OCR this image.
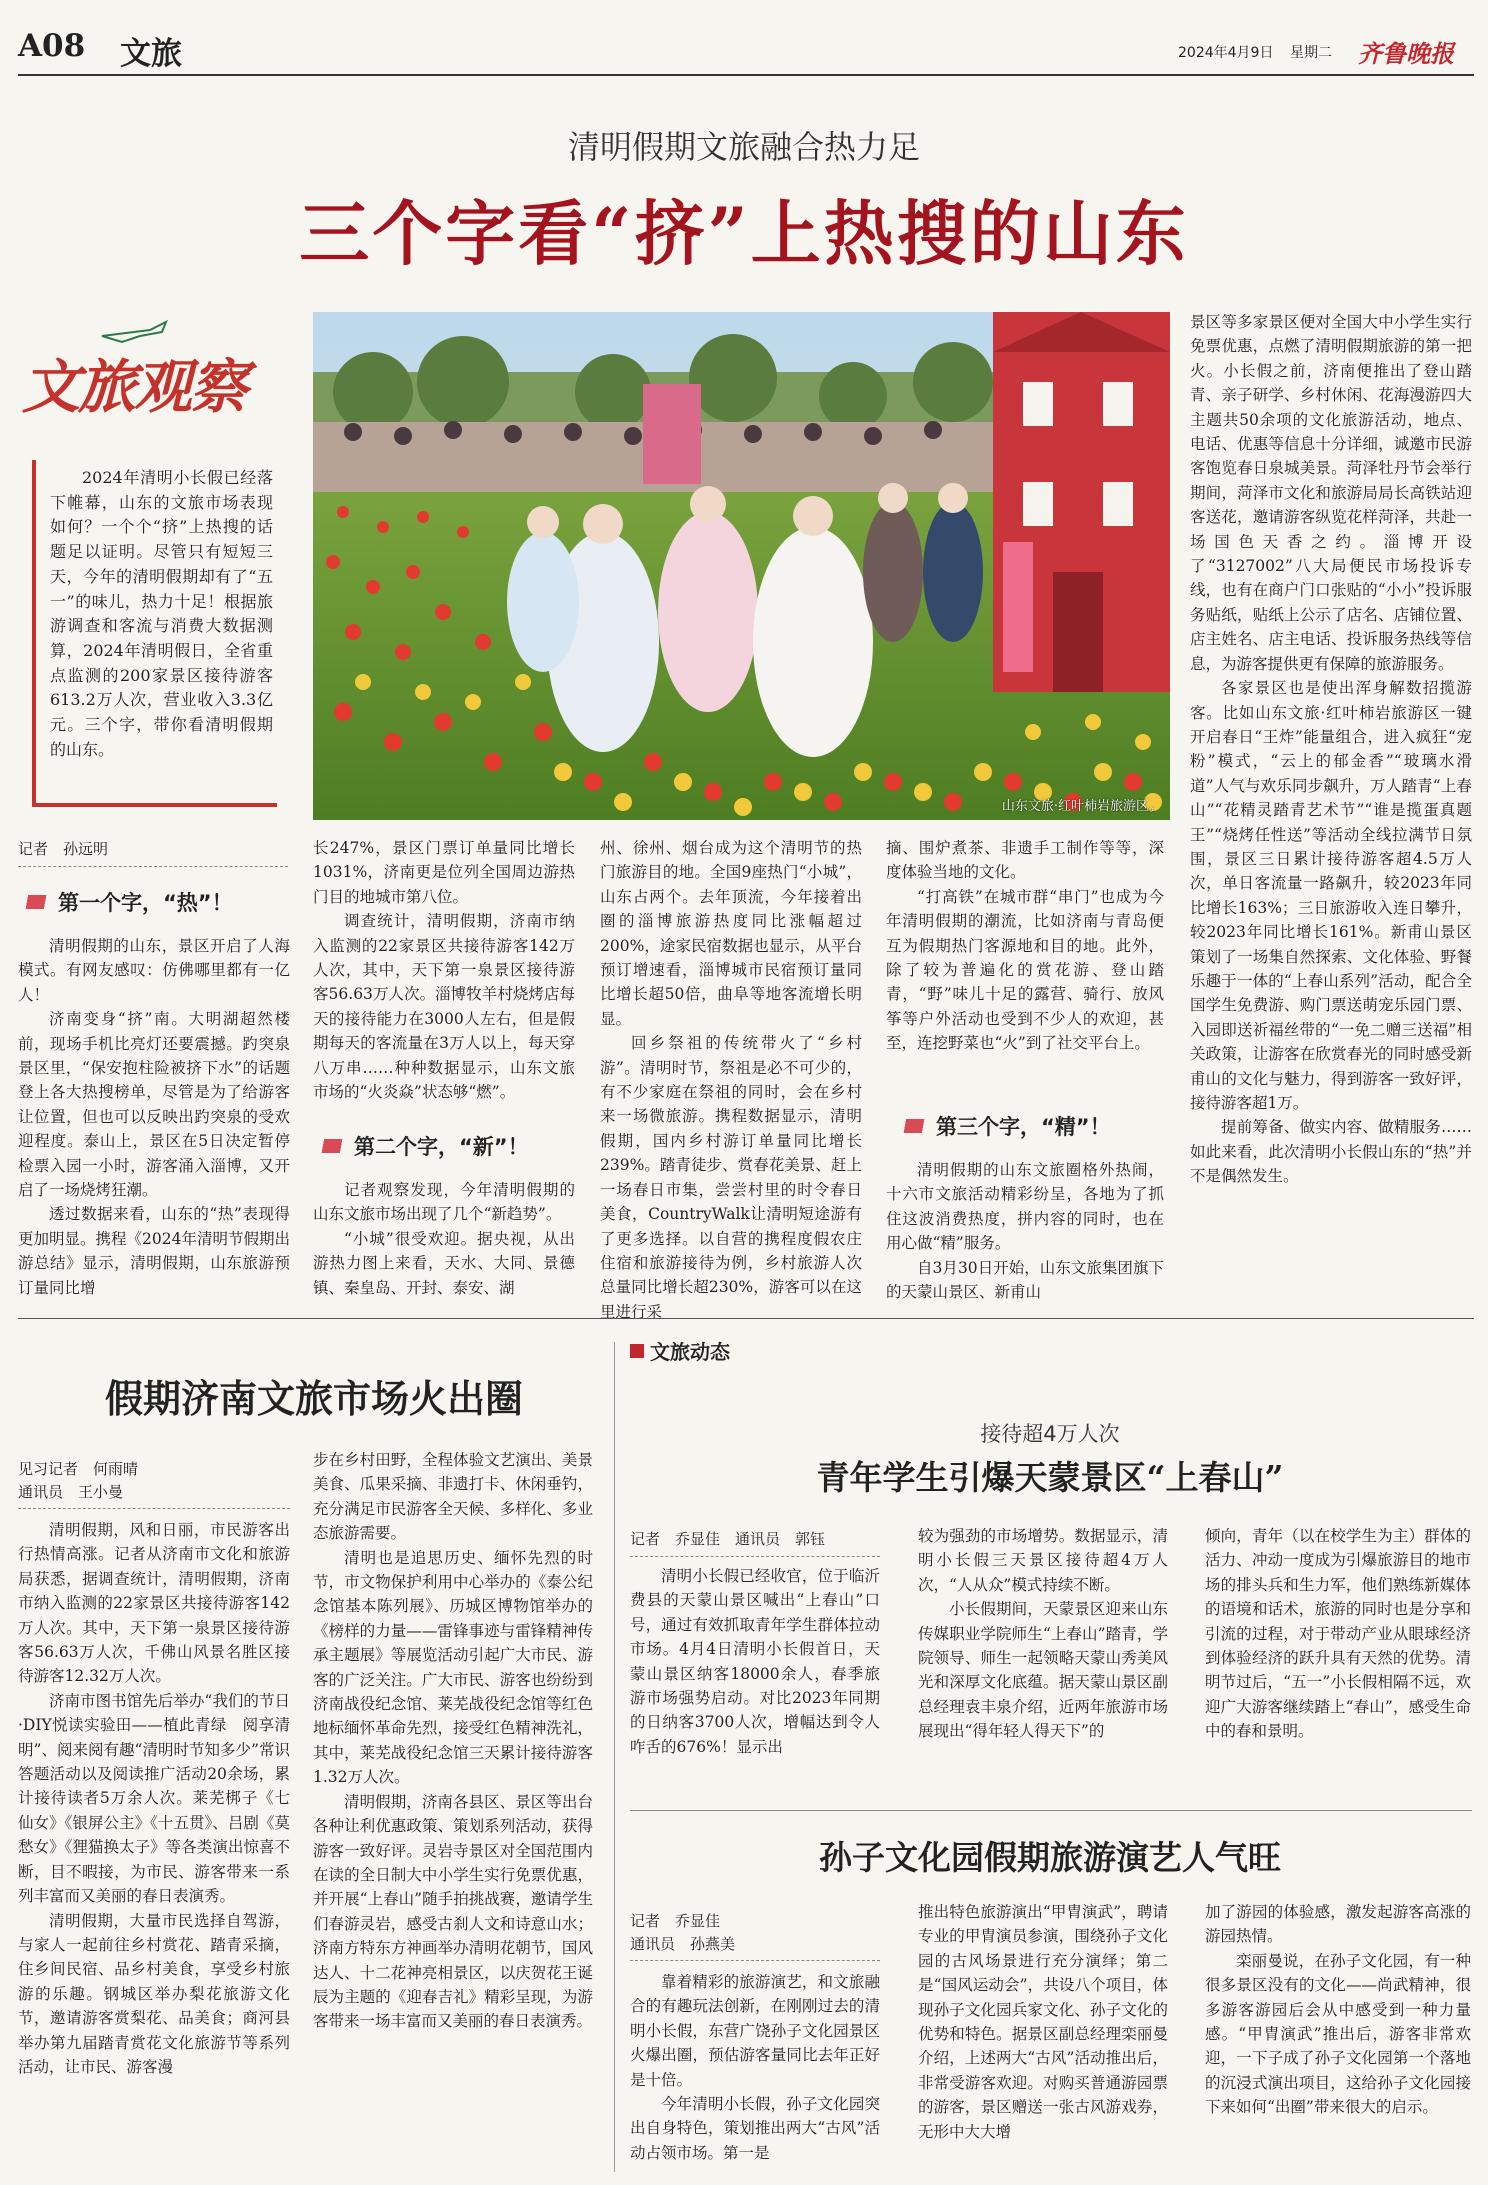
A08 文旅	2024年4月9日 星期二 齐鲁晚报
清明假期文旅融合热力足
三个字看“挤”上热搜的山东
文旅观察

2024年清明小长假已经落下帷幕，山东的文旅市场表现如何？一个个“挤”上热搜的话题足以证明。尽管只有短短三天，今年的清明假期却有了“五一”的味儿，热力十足！根据旅游调查和客流与消费大数据测算，2024年清明假日，全省重点监测的200家景区接待游客613.2万人次，营业收入3.3亿元。三个字，带你看清明假期的山东。

山东文旅·红叶柿岩旅游区。
记者　孙远明
第一个字，“热”！

清明假期的山东，景区开启了人海模式。有网友感叹：仿佛哪里都有一亿人！

济南变身“挤”南。大明湖超然楼前，现场手机比亮灯还要震撼。趵突泉景区里，“保安抱柱险被挤下水”的话题登上各大热搜榜单，尽管是为了给游客让位置，但也可以反映出趵突泉的受欢迎程度。泰山上，景区在5日决定暂停检票入园一小时，游客涌入淄博，又开启了一场烧烤狂潮。

透过数据来看，山东的“热”表现得更加明显。携程《2024年清明节假期出游总结》显示，清明假期，山东旅游预订量同比增

长247%，景区门票订单量同比增长1031%，济南更是位列全国周边游热门目的地城市第八位。

调查统计，清明假期，济南市纳入监测的22家景区共接待游客142万人次，其中，天下第一泉景区接待游客56.63万人次。淄博牧羊村烧烤店每天的接待能力在3000人左右，但是假期每天的客流量在3万人以上，每天穿八万串……种种数据显示，山东文旅市场的“火炎焱”状态够“燃”。

第二个字，“新”！

记者观察发现，今年清明假期的山东文旅市场出现了几个“新趋势”。

“小城”很受欢迎。据央视，从出游热力图上来看，天水、大同、景德镇、秦皇岛、开封、泰安、湖

州、徐州、烟台成为这个清明节的热门旅游目的地。全国9座热门“小城”，山东占两个。去年顶流，今年接着出圈的淄博旅游热度同比涨幅超过200%，途家民宿数据也显示，从平台预订增速看，淄博城市民宿预订量同比增长超50倍，曲阜等地客流增长明显。

回乡祭祖的传统带火了“乡村游”。清明时节，祭祖是必不可少的，有不少家庭在祭祖的同时，会在乡村来一场微旅游。携程数据显示，清明假期，国内乡村游订单量同比增长239%。踏青徒步、赏春花美景、赶上一场春日市集，尝尝村里的时令春日美食，CountryWalk让清明短途游有了更多选择。以自营的携程度假农庄住宿和旅游接待为例，乡村旅游人次总量同比增长超230%，游客可以在这里进行采

摘、围炉煮茶、非遗手工制作等等，深度体验当地的文化。

“打高铁”在城市群“串门”也成为今年清明假期的潮流，比如济南与青岛便互为假期热门客源地和目的地。此外，除了较为普遍化的赏花游、登山踏青，“野”味儿十足的露营、骑行、放风筝等户外活动也受到不少人的欢迎，甚至，连挖野菜也“火”到了社交平台上。

第三个字，“精”！

清明假期的山东文旅圈格外热闹，十六市文旅活动精彩纷呈，各地为了抓住这波消费热度，拼内容的同时，也在用心做“精”服务。

自3月30日开始，山东文旅集团旗下的天蒙山景区、新甫山

景区等多家景区便对全国大中小学生实行免票优惠，点燃了清明假期旅游的第一把火。小长假之前，济南便推出了登山踏青、亲子研学、乡村休闲、花海漫游四大主题共50余项的文化旅游活动，地点、电话、优惠等信息十分详细，诚邀市民游客饱览春日泉城美景。菏泽牡丹节会举行期间，菏泽市文化和旅游局局长高铁站迎客送花，邀请游客纵览花样菏泽，共赴一场国色天香之约。淄博开设了“3127002”八大局便民市场投诉专线，也有在商户门口张贴的“小小”投诉服务贴纸，贴纸上公示了店名、店铺位置、店主姓名、店主电话、投诉服务热线等信息，为游客提供更有保障的旅游服务。

各家景区也是使出浑身解数招揽游客。比如山东文旅·红叶柿岩旅游区一键开启春日“王炸”能量组合，进入疯狂“宠粉”模式，“云上的郁金香”“玻璃水滑道”人气与欢乐同步飙升，万人踏青“上春山”“花精灵踏青艺术节”“谁是揽蛋真题王”“烧烤任性送”等活动全线拉满节日氛围，景区三日累计接待游客超4.5万人次，单日客流量一路飙升，较2023年同比增长163%；三日旅游收入连日攀升，较2023年同比增长161%。新甫山景区策划了一场集自然探索、文化体验、野餐乐趣于一体的“上春山系列”活动，配合全国学生免费游、购门票送萌宠乐园门票、入园即送祈福丝带的“一免二赠三送福”相关政策，让游客在欣赏春光的同时感受新甫山的文化与魅力，得到游客一致好评，接待游客超1万。

提前筹备、做实内容、做精服务……如此来看，此次清明小长假山东的“热”并不是偶然发生。

假期济南文旅市场火出圈
见习记者　何雨晴
通讯员　王小曼

清明假期，风和日丽，市民游客出行热情高涨。记者从济南市文化和旅游局获悉，据调查统计，清明假期，济南市纳入监测的22家景区共接待游客142万人次。其中，天下第一泉景区接待游客56.63万人次，千佛山风景名胜区接待游客12.32万人次。

济南市图书馆先后举办“我们的节日·DIY悦读实验田——植此青绿　阅享清明”、阅来阅有趣“清明时节知多少”常识答题活动以及阅读推广活动20余场，累计接待读者5万余人次。莱芜梆子《七仙女》《银屏公主》《十五贯》、吕剧《莫愁女》《狸猫换太子》等各类演出惊喜不断，目不暇接，为市民、游客带来一系列丰富而又美丽的春日表演秀。

清明假期，大量市民选择自驾游，与家人一起前往乡村赏花、踏青采摘，住乡间民宿、品乡村美食，享受乡村旅游的乐趣。钢城区举办梨花旅游文化节，邀请游客赏梨花、品美食；商河县举办第九届踏青赏花文化旅游节等系列活动，让市民、游客漫

步在乡村田野，全程体验文艺演出、美景美食、瓜果采摘、非遗打卡、休闲垂钓，充分满足市民游客全天候、多样化、多业态旅游需要。

清明也是追思历史、缅怀先烈的时节，市文物保护利用中心举办的《泰公纪念馆基本陈列展》、历城区博物馆举办的《榜样的力量——雷锋事迹与雷锋精神传承主题展》等展览活动引起广大市民、游客的广泛关注。广大市民、游客也纷纷到济南战役纪念馆、莱芜战役纪念馆等红色地标缅怀革命先烈，接受红色精神洗礼，其中，莱芜战役纪念馆三天累计接待游客1.32万人次。

清明假期，济南各县区、景区等出台各种让利优惠政策、策划系列活动，获得游客一致好评。灵岩寺景区对全国范围内在读的全日制大中小学生实行免票优惠，并开展“上春山”随手拍挑战赛，邀请学生们春游灵岩，感受古刹人文和诗意山水；济南方特东方神画举办清明花朝节，国风达人、十二花神亮相景区，以庆贺花王诞辰为主题的《迎春吉礼》精彩呈现，为游客带来一场丰富而又美丽的春日表演秀。

文旅动态
接待超4万人次
青年学生引爆天蒙景区“上春山”
记者　乔显佳　通讯员　郭钰

清明小长假已经收官，位于临沂费县的天蒙山景区喊出“上春山”口号，通过有效抓取青年学生群体拉动市场。4月4日清明小长假首日，天蒙山景区纳客18000余人，春季旅游市场强势启动。对比2023年同期的日纳客3700人次，增幅达到令人咋舌的676%！显示出

较为强劲的市场增势。数据显示，清明小长假三天景区接待超4万人次，“人从众”模式持续不断。

小长假期间，天蒙景区迎来山东传媒职业学院师生“上春山”踏青，学院领导、师生一起领略天蒙山秀美风光和深厚文化底蕴。据天蒙山景区副总经理袁丰泉介绍，近两年旅游市场展现出“得年轻人得天下”的

倾向，青年（以在校学生为主）群体的活力、冲动一度成为引爆旅游目的地市场的排头兵和生力军，他们熟练新媒体的语境和话术，旅游的同时也是分享和引流的过程，对于带动产业从眼球经济到体验经济的跃升具有天然的优势。清明节过后，“五一”小长假相隔不远，欢迎广大游客继续踏上“春山”，感受生命中的春和景明。

孙子文化园假期旅游演艺人气旺
记者　乔显佳
通讯员　孙燕美

靠着精彩的旅游演艺，和文旅融合的有趣玩法创新，在刚刚过去的清明小长假，东营广饶孙子文化园景区火爆出圈，预估游客量同比去年正好是十倍。

今年清明小长假，孙子文化园突出自身特色，策划推出两大“古风”活动占领市场。第一是

推出特色旅游演出“甲胄演武”，聘请专业的甲胄演员参演，围绕孙子文化园的古风场景进行充分演绎；第二是“国风运动会”，共设八个项目，体现孙子文化园兵家文化、孙子文化的优势和特色。据景区副总经理栾丽曼介绍，上述两大“古风”活动推出后，非常受游客欢迎。对购买普通游园票的游客，景区赠送一张古风游戏券，无形中大大增

加了游园的体验感，激发起游客高涨的游园热情。

栾丽曼说，在孙子文化园，有一种很多景区没有的文化——尚武精神，很多游客游园后会从中感受到一种力量感。“甲胄演武”推出后，游客非常欢迎，一下子成了孙子文化园第一个落地的沉浸式演出项目，这给孙子文化园接下来如何“出圈”带来很大的启示。
